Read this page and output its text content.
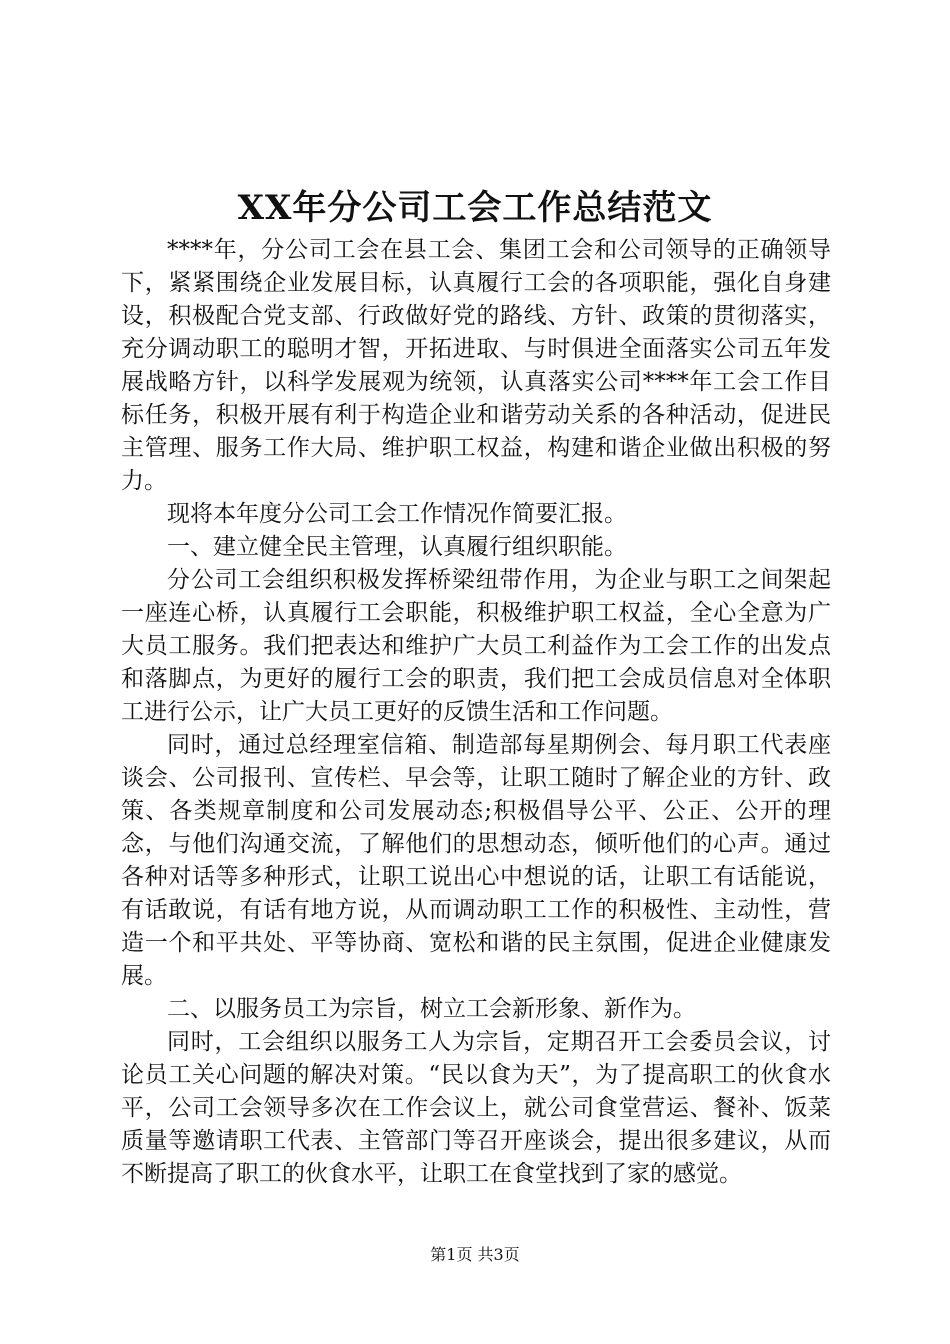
XX年分公司工会工作总结范文

****年，分公司工会在县工会、集团工会和公司领导的正确领导下，紧紧围绕企业发展目标，认真履行工会的各项职能，强化自身建设，积极配合党支部、行政做好党的路线、方针、政策的贯彻落实，充分调动职工的聪明才智，开拓进取、与时俱进全面落实公司五年发展战略方针，以科学发展观为统领，认真落实公司****年工会工作目标任务，积极开展有利于构造企业和谐劳动关系的各种活动，促进民主管理、服务工作大局、维护职工权益，构建和谐企业做出积极的努力。

现将本年度分公司工会工作情况作简要汇报。

一、建立健全民主管理，认真履行组织职能。

分公司工会组织积极发挥桥梁纽带作用，为企业与职工之间架起一座连心桥，认真履行工会职能，积极维护职工权益，全心全意为广大员工服务。我们把表达和维护广大员工利益作为工会工作的出发点和落脚点，为更好的履行工会的职责，我们把工会成员信息对全体职工进行公示，让广大员工更好的反馈生活和工作问题。

同时，通过总经理室信箱、制造部每星期例会、每月职工代表座谈会、公司报刊、宣传栏、早会等，让职工随时了解企业的方针、政策、各类规章制度和公司发展动态;积极倡导公平、公正、公开的理念，与他们沟通交流，了解他们的思想动态，倾听他们的心声。通过各种对话等多种形式，让职工说出心中想说的话，让职工有话能说，有话敢说，有话有地方说，从而调动职工工作的积极性、主动性，营造一个和平共处、平等协商、宽松和谐的民主氛围，促进企业健康发展。

二、以服务员工为宗旨，树立工会新形象、新作为。

同时，工会组织以服务工人为宗旨，定期召开工会委员会议，讨论员工关心问题的解决对策。“民以食为天”，为了提高职工的伙食水平，公司工会领导多次在工作会议上，就公司食堂营运、餐补、饭菜质量等邀请职工代表、主管部门等召开座谈会，提出很多建议，从而不断提高了职工的伙食水平，让职工在食堂找到了家的感觉。

第1页 共3页
